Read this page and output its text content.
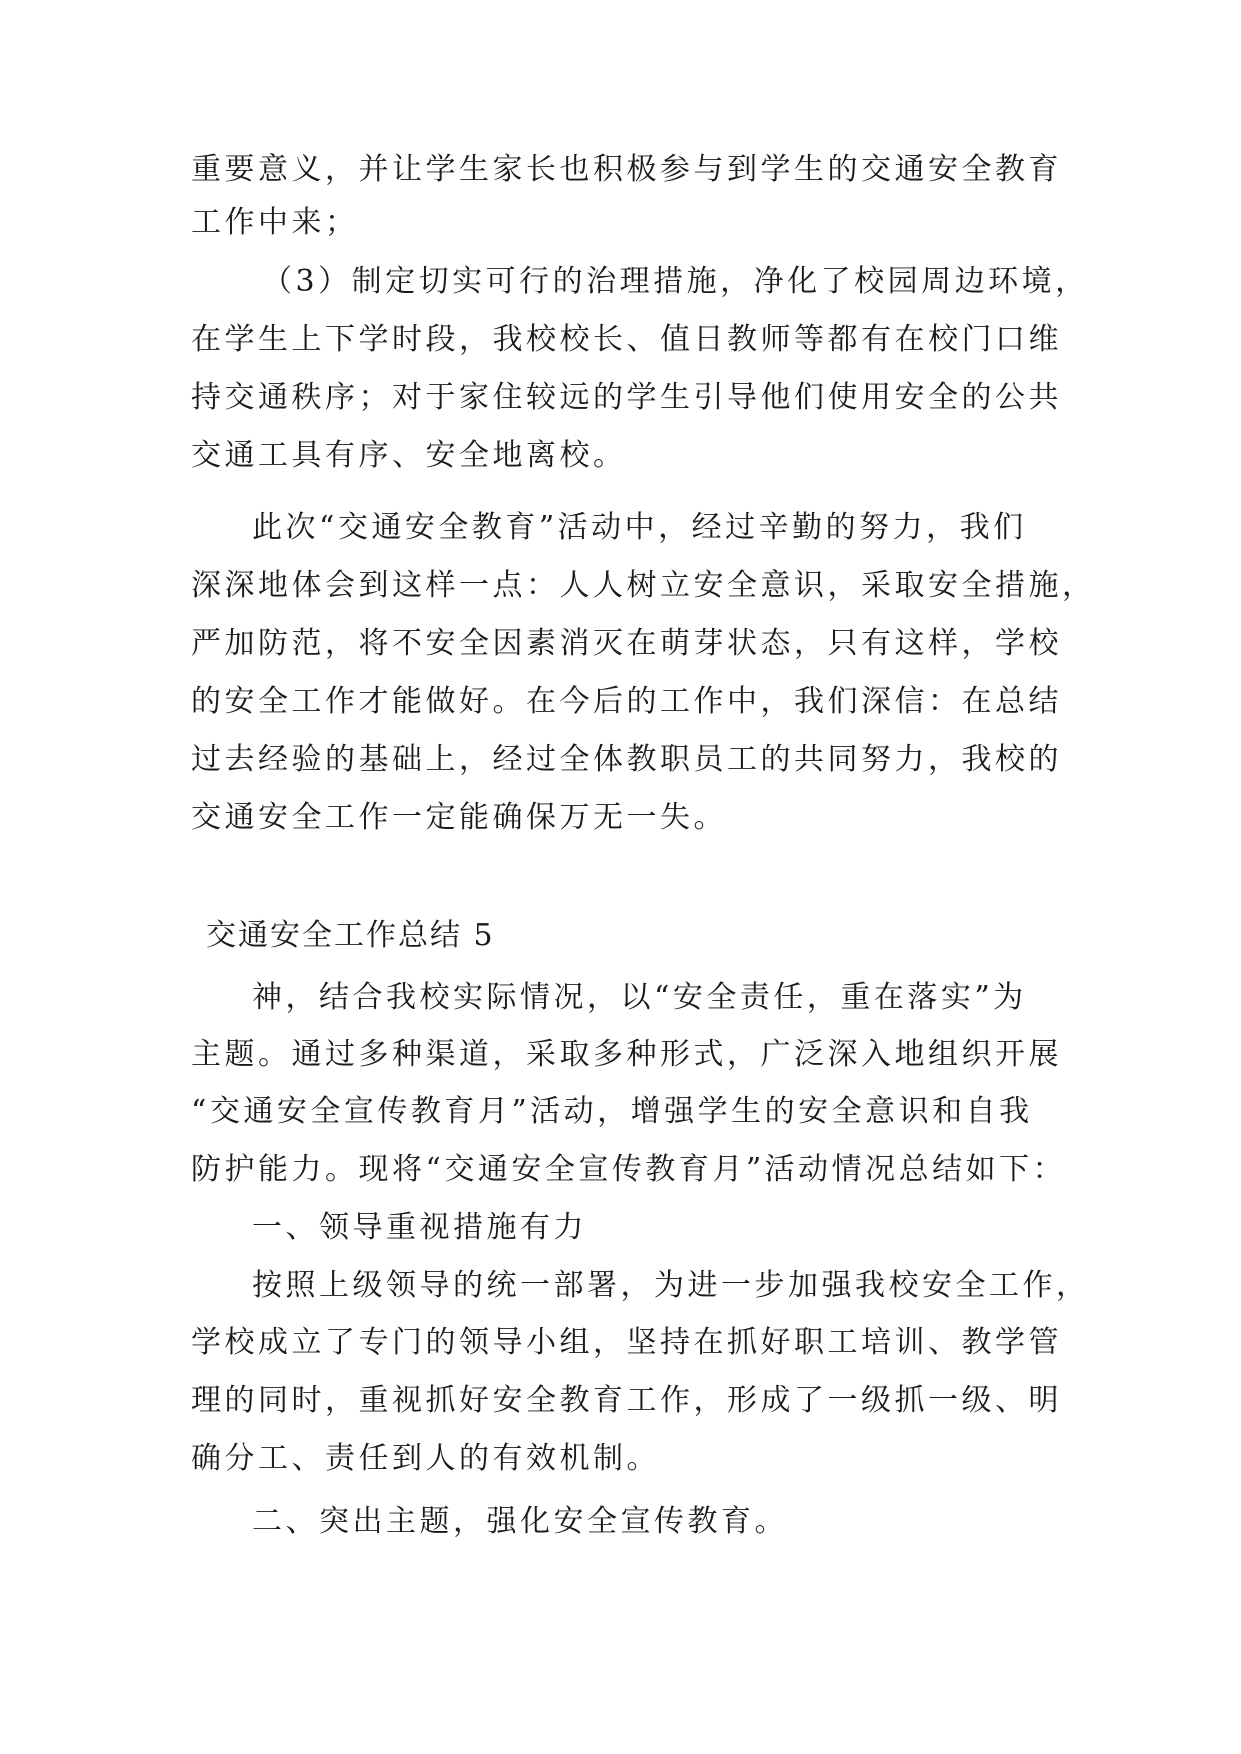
重要意义，并让学生家长也积极参与到学生的交通安全教育
工作中来；
（3）制定切实可行的治理措施，净化了校园周边环境，
在学生上下学时段，我校校长、值日教师等都有在校门口维
持交通秩序；对于家住较远的学生引导他们使用安全的公共
交通工具有序、安全地离校。
此次“交通安全教育”活动中，经过辛勤的努力，我们
深深地体会到这样一点：人人树立安全意识，采取安全措施，
严加防范，将不安全因素消灭在萌芽状态，只有这样，学校
的安全工作才能做好。在今后的工作中，我们深信：在总结
过去经验的基础上，经过全体教职员工的共同努力，我校的
交通安全工作一定能确保万无一失。
交通安全工作总结 5
神，结合我校实际情况，以“安全责任，重在落实”为
主题。通过多种渠道，采取多种形式，广泛深入地组织开展
“交通安全宣传教育月”活动，增强学生的安全意识和自我
防护能力。现将“交通安全宣传教育月”活动情况总结如下：
一、领导重视措施有力
按照上级领导的统一部署，为进一步加强我校安全工作，
学校成立了专门的领导小组，坚持在抓好职工培训、教学管
理的同时，重视抓好安全教育工作，形成了一级抓一级、明
确分工、责任到人的有效机制。
二、突出主题，强化安全宣传教育。
